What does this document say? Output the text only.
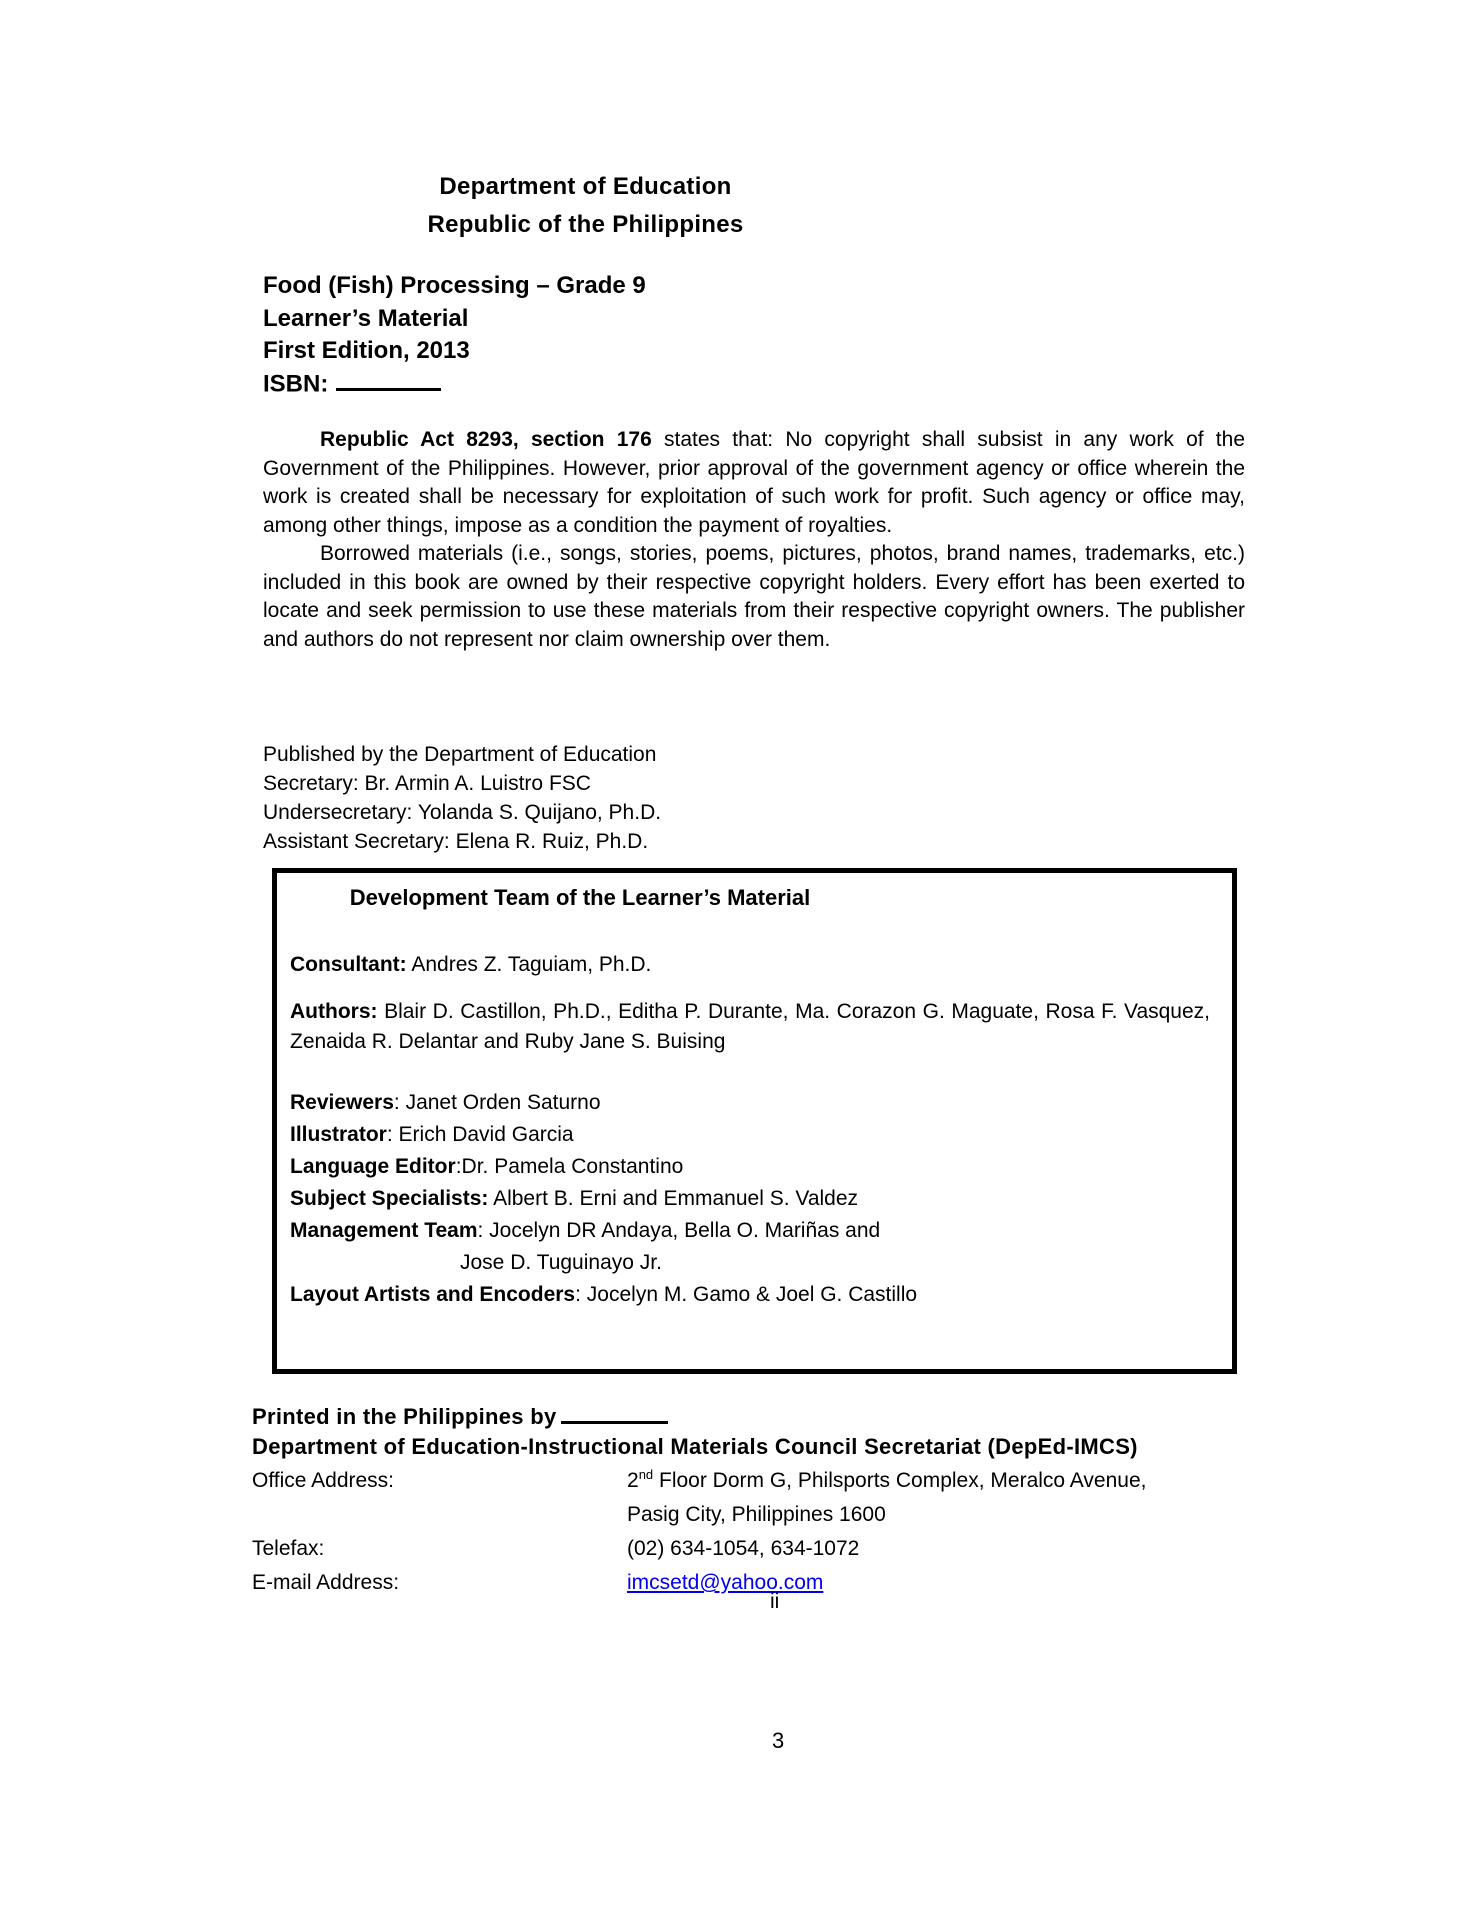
Department of Education
Republic of the Philippines
Food (Fish) Processing – Grade 9
Learner’s Material
First Edition, 2013
ISBN:

Republic Act 8293, section 176 states that: No copyright shall subsist in any work of the Government of the Philippines. However, prior approval of the government agency or office wherein the work is created shall be necessary for exploitation of such work for profit. Such agency or office may, among other things, impose as a condition the payment of royalties.

Borrowed materials (i.e., songs, stories, poems, pictures, photos, brand names, trademarks, etc.) included in this book are owned by their respective copyright holders. Every effort has been exerted to locate and seek permission to use these materials from their respective copyright owners. The publisher and authors do not represent nor claim ownership over them.

Published by the Department of Education
Secretary: Br. Armin A. Luistro FSC
Undersecretary: Yolanda S. Quijano, Ph.D.
Assistant Secretary: Elena R. Ruiz, Ph.D.
Development Team of the Learner’s Material
Consultant: Andres Z. Taguiam, Ph.D.

Authors: Blair D. Castillon, Ph.D., Editha P. Durante, Ma. Corazon G. Maguate, Rosa F. Vasquez, Zenaida R. Delantar and Ruby Jane S. Buising

Reviewers: Janet Orden Saturno
Illustrator: Erich David Garcia
Language Editor:Dr. Pamela Constantino
Subject Specialists: Albert B. Erni and Emmanuel S. Valdez
Management Team: Jocelyn DR Andaya, Bella O. Mariñas and
Jose D. Tuguinayo Jr.
Layout Artists and Encoders: Jocelyn M. Gamo & Joel G. Castillo
Printed in the Philippines by
Department of Education-Instructional Materials Council Secretariat (DepEd-IMCS)
Office Address:	2nd Floor Dorm G, Philsports Complex, Meralco Avenue,
Pasig City, Philippines 1600
Telefax:	(02) 634-1054, 634-1072
E-mail Address:	imcsetd@yahoo.com
ii
3
